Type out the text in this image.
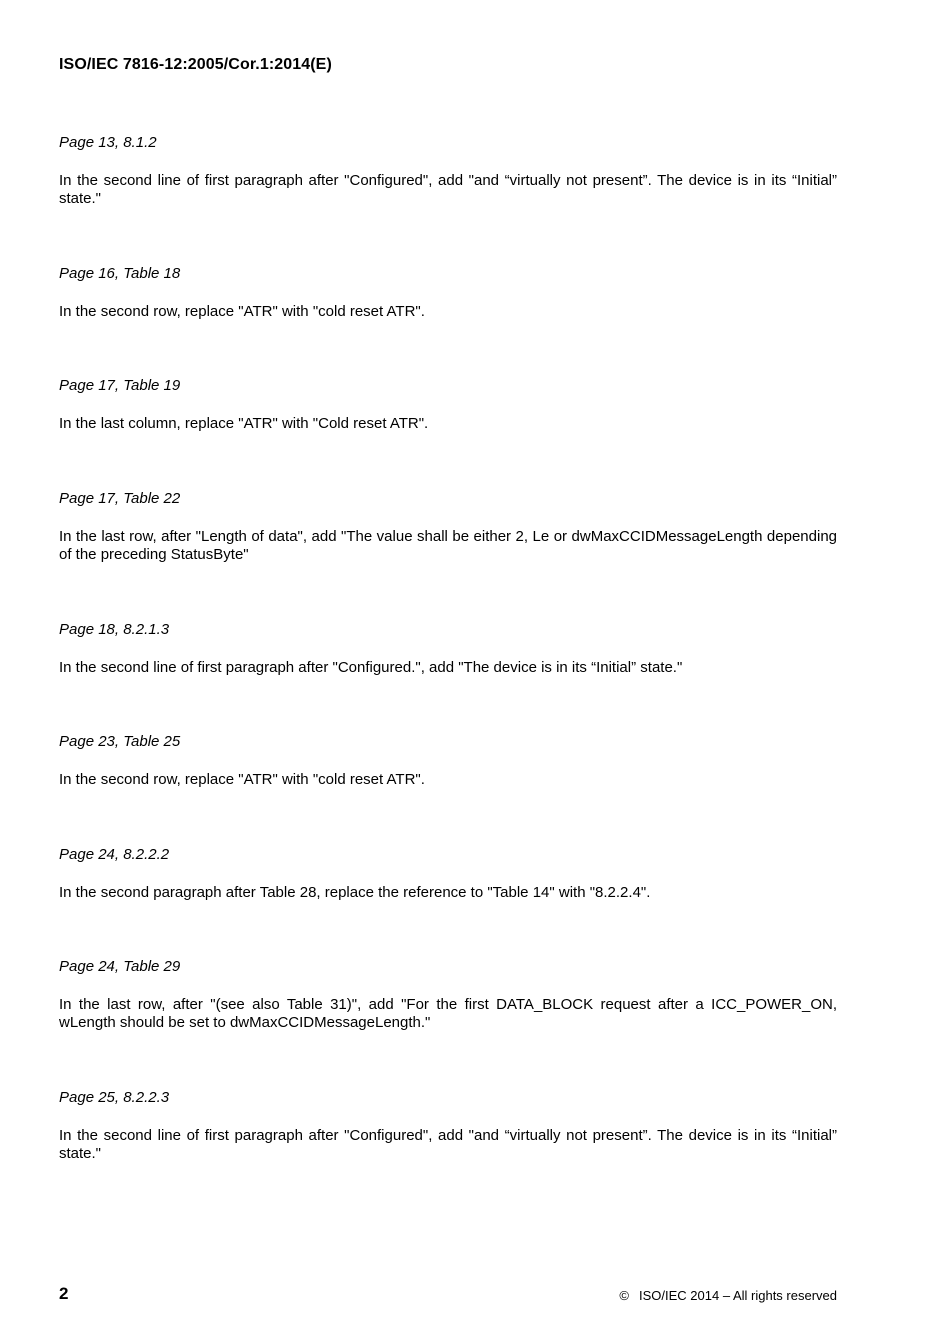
ISO/IEC 7816-12:2005/Cor.1:2014(E)

Page 13, 8.1.2

In the second line of first paragraph after "Configured", add "and “virtually not present”. The device is in its “Initial” state."

Page 16, Table 18

In the second row, replace "ATR" with "cold reset ATR".

Page 17, Table 19

In the last column, replace "ATR" with "Cold reset ATR".

Page 17, Table 22

In the last row, after "Length of data", add "The value shall be either 2, Le or dwMaxCCIDMessageLength depending of the preceding StatusByte"

Page 18, 8.2.1.3

In the second line of first paragraph after "Configured.", add "The device is in its “Initial” state."

Page 23, Table 25

In the second row, replace "ATR" with "cold reset ATR".

Page 24, 8.2.2.2

In the second paragraph after Table 28, replace the reference to "Table 14" with "8.2.2.4".

Page 24, Table 29

In the last row, after "(see also Table 31)", add "For the first DATA_BLOCK request after a ICC_POWER_ON, wLength should be set to dwMaxCCIDMessageLength."

Page 25, 8.2.2.3

In the second line of first paragraph after "Configured", add "and “virtually not present”. The device is in its “Initial” state."

2	© ISO/IEC 2014 – All rights reserved
